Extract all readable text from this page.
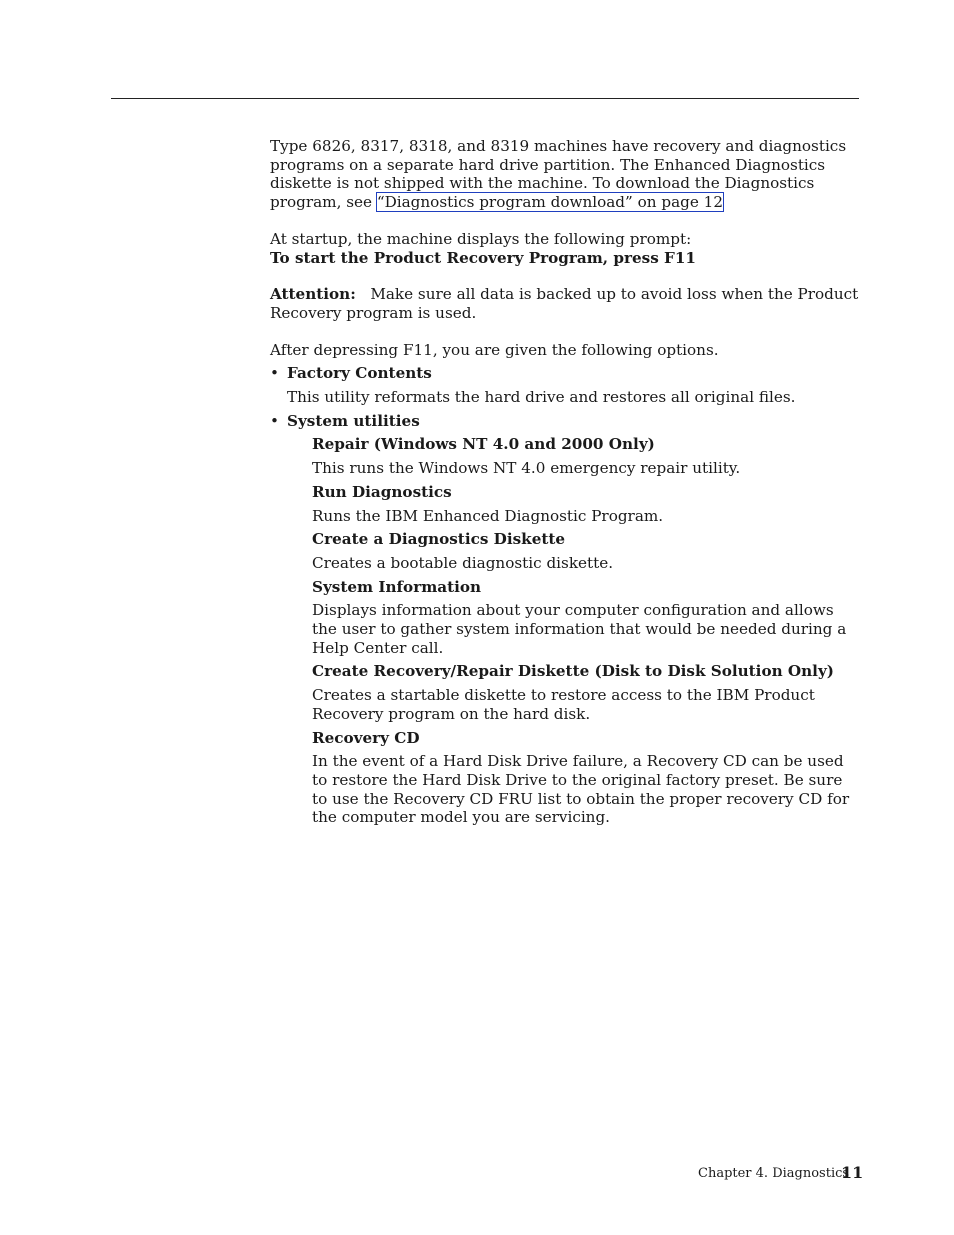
Type 6826, 8317, 8318, and 8319 machines have recovery and diagnostics programs on a separate hard drive partition. The Enhanced Diagnostics diskette is not shipped with the machine. To download the Diagnostics program, see “Diagnostics program download” on page 12

At startup, the machine displays the following prompt:

To start the Product Recovery Program, press F11

Attention: Make sure all data is backed up to avoid loss when the Product Recovery program is used.

After depressing F11, you are given the following options.

• Factory Contents

This utility reformats the hard drive and restores all original files.

• System utilities

Repair (Windows NT 4.0 and 2000 Only)

This runs the Windows NT 4.0 emergency repair utility.

Run Diagnostics

Runs the IBM Enhanced Diagnostic Program.

Create a Diagnostics Diskette

Creates a bootable diagnostic diskette.

System Information

Displays information about your computer configuration and allows the user to gather system information that would be needed during a Help Center call.

Create Recovery/Repair Diskette (Disk to Disk Solution Only)

Creates a startable diskette to restore access to the IBM Product Recovery program on the hard disk.

Recovery CD

In the event of a Hard Disk Drive failure, a Recovery CD can be used to restore the Hard Disk Drive to the original factory preset. Be sure to use the Recovery CD FRU list to obtain the proper recovery CD for the computer model you are servicing.

Chapter 4. Diagnostics
11
